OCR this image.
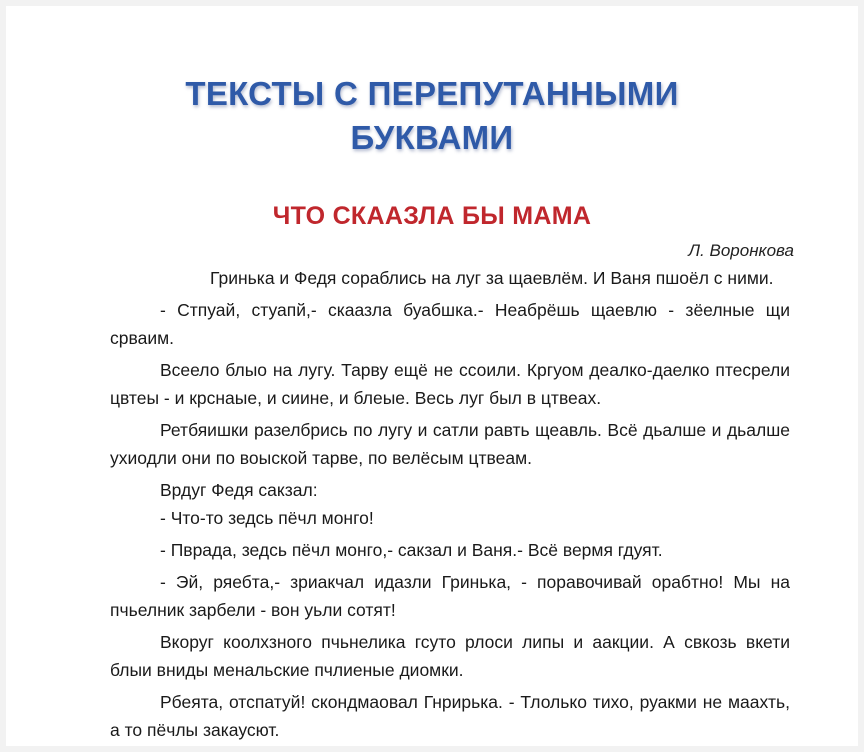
ТЕКСТЫ С ПЕРЕПУТАННЫМИ
БУКВАМИ
ЧТО СКААЗЛА БЫ МАМА
Л. Воронкова

Гринька и Федя сораблись на луг за щаевлём. И Ваня пшоёл с ними.

- Стпуай, стуапй,- скаазла буабшка.- Неабрёшь щаевлю - зёелные щи срваим.

Всеело блыо на лугу. Тарву ещё не ссоили. Кргуом деалко-даелко птесрели цвтеы - и крснаые, и сиине, и блеые. Весь луг был в цтвеах.

Ретбяишки разелбрись по лугу и сатли равть щеавль. Всё дьалше и дьалше ухиодли они по воыской тарве, по велёсым цтвеам.

Врдуг Федя сакзал:

- Что-то зедсь пёчл монго!

- Пврада, зедсь пёчл монго,- сакзал и Ваня.- Всё вермя гдуят.

- Эй, ряебта,- зриакчал идазли Гринька, - поравочивай орабтно! Мы на пчьелник зарбели - вон уьли сотят!

Вкоруг коолхзного пчьнелика гсуто рлоси липы и аакции. А свкозь вкети блыи вниды менальские пчлиеные диомки.

Рбеята, отспатуй! скондмаовал Гнрирька. - Тлолько тихо, руакми не маахть, а то пёчлы закаусют.
